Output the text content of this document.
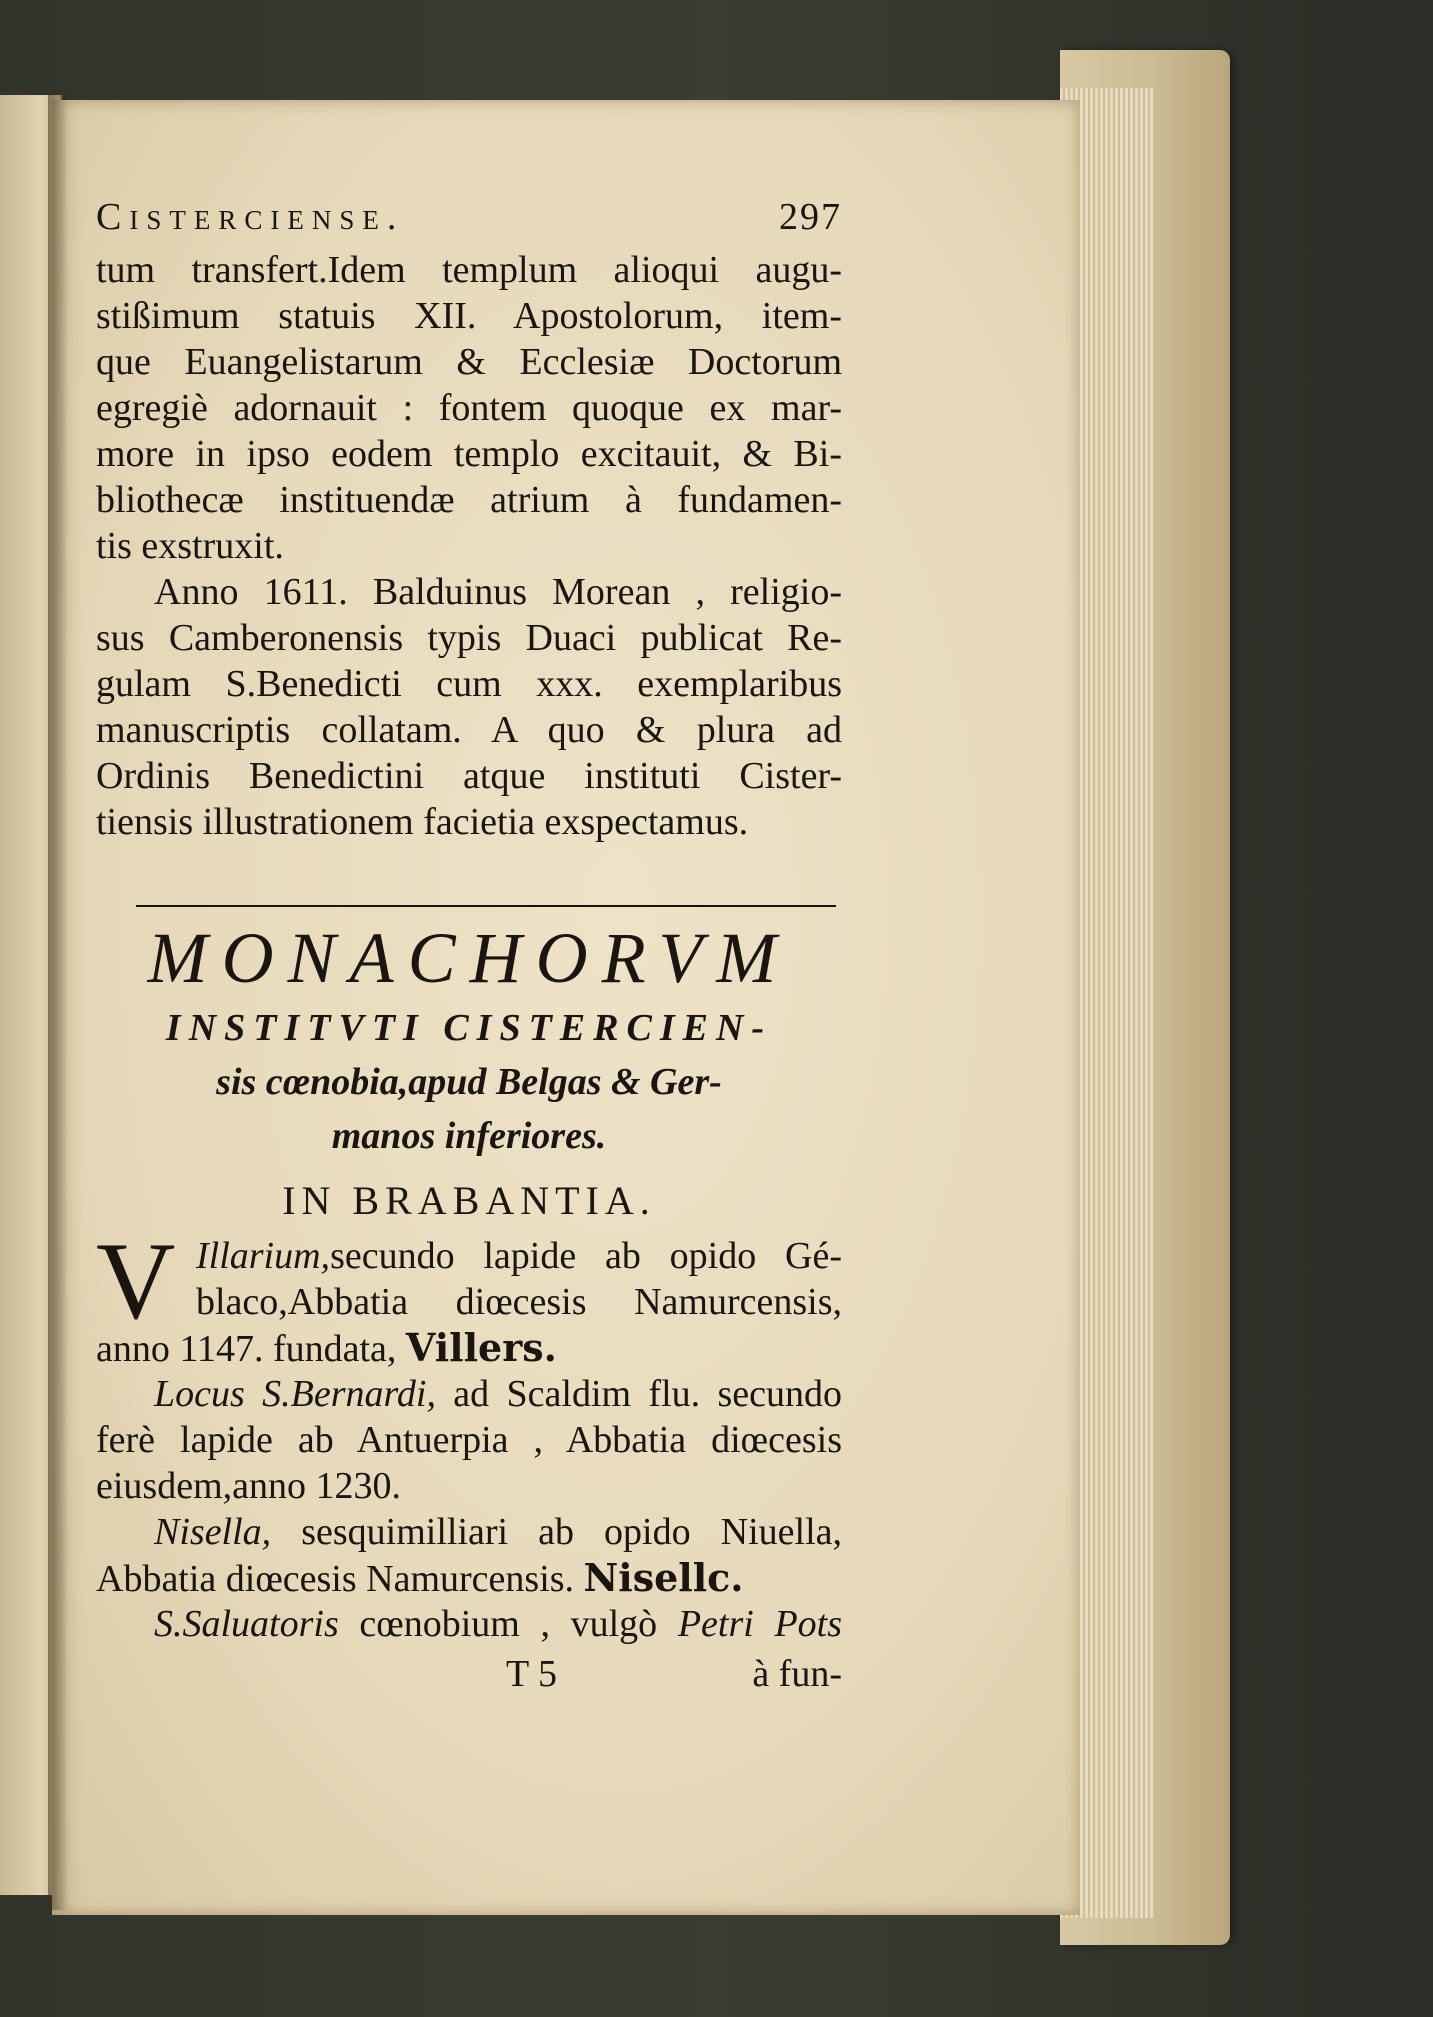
Cisterciense.	297
tum transfert.Idem templum alioqui augu-
stißimum statuis XII. Apostolorum, item-
que Euangelistarum & Ecclesiæ Doctorum
egregiè adornauit : fontem quoque ex mar-
more in ipso eodem templo excitauit, & Bi-
bliothecæ instituendæ atrium à fundamen-
tis exstruxit.
Anno 1611. Balduinus Morean , religio-
sus Camberonensis typis Duaci publicat Re-
gulam S.Benedicti cum xxx. exemplaribus
manuscriptis collatam. A quo & plura ad
Ordinis Benedictini atque instituti Cister-
tiensis illustrationem facietia exspectamus.
MONACHORVM
INSTITVTI CISTERCIEN-
sis cœnobia,apud Belgas & Ger-
manos inferiores.
IN BRABANTIA.
V Illarium,secundo lapide ab opido Gé-
blaco,Abbatia diœcesis Namurcensis,
anno 1147. fundata, Villers.
Locus S.Bernardi, ad Scaldim flu. secundo
ferè lapide ab Antuerpia , Abbatia diœcesis
eiusdem,anno 1230.
Nisella, sesquimilliari ab opido Niuella,
Abbatia diœcesis Namurcensis. Nisellc.
S.Saluatoris cœnobium , vulgò Petri Pots
T 5	à fun-
